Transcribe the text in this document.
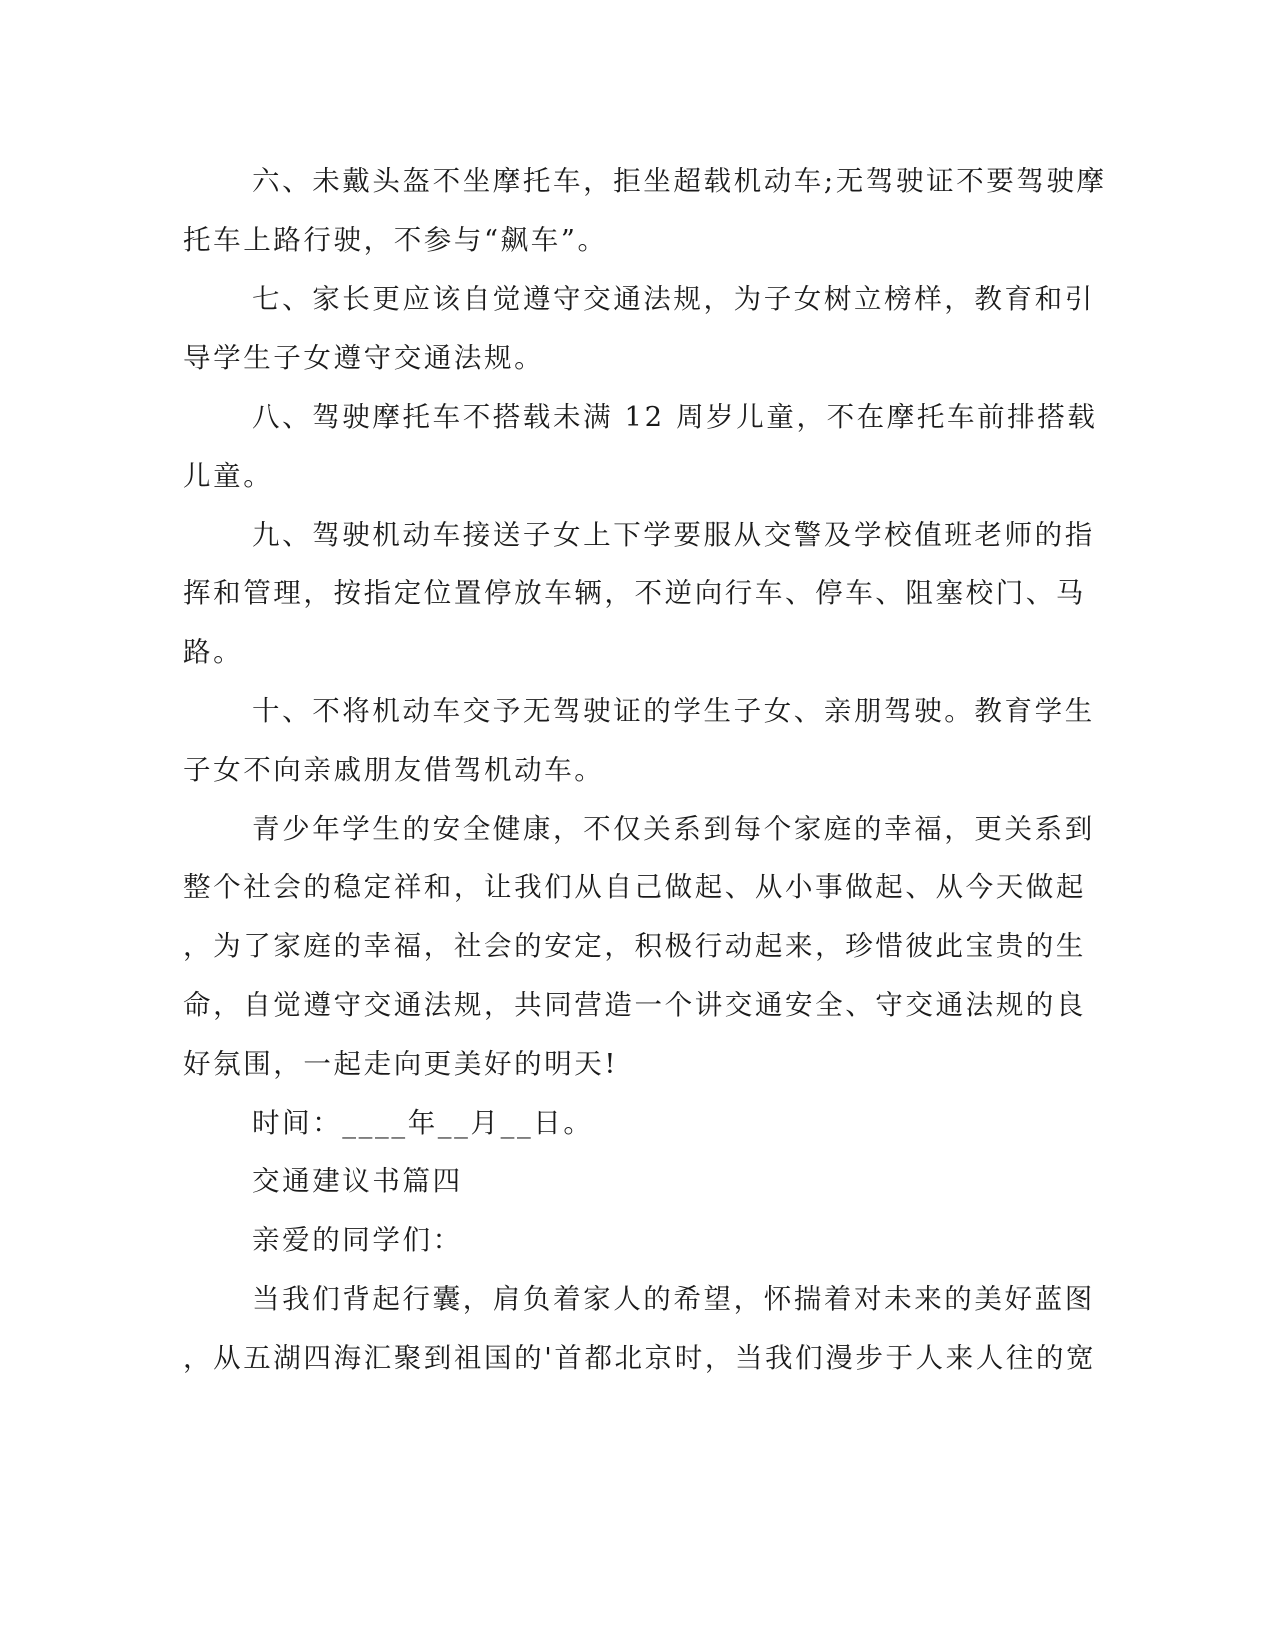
六、未戴头盔不坐摩托车，拒坐超载机动车;无驾驶证不要驾驶摩
托车上路行驶，不参与“飙车”。
七、家长更应该自觉遵守交通法规，为子女树立榜样，教育和引
导学生子女遵守交通法规。
八、驾驶摩托车不搭载未满 12 周岁儿童，不在摩托车前排搭载
儿童。
九、驾驶机动车接送子女上下学要服从交警及学校值班老师的指
挥和管理，按指定位置停放车辆，不逆向行车、停车、阻塞校门、马
路。
十、不将机动车交予无驾驶证的学生子女、亲朋驾驶。教育学生
子女不向亲戚朋友借驾机动车。
青少年学生的安全健康，不仅关系到每个家庭的幸福，更关系到
整个社会的稳定祥和，让我们从自己做起、从小事做起、从今天做起
，为了家庭的幸福，社会的安定，积极行动起来，珍惜彼此宝贵的生
命，自觉遵守交通法规，共同营造一个讲交通安全、守交通法规的良
好氛围，一起走向更美好的明天!
时间：____年__月__日。
交通建议书篇四
亲爱的同学们：
当我们背起行囊，肩负着家人的希望，怀揣着对未来的美好蓝图
，从五湖四海汇聚到祖国的'首都北京时，当我们漫步于人来人往的宽
